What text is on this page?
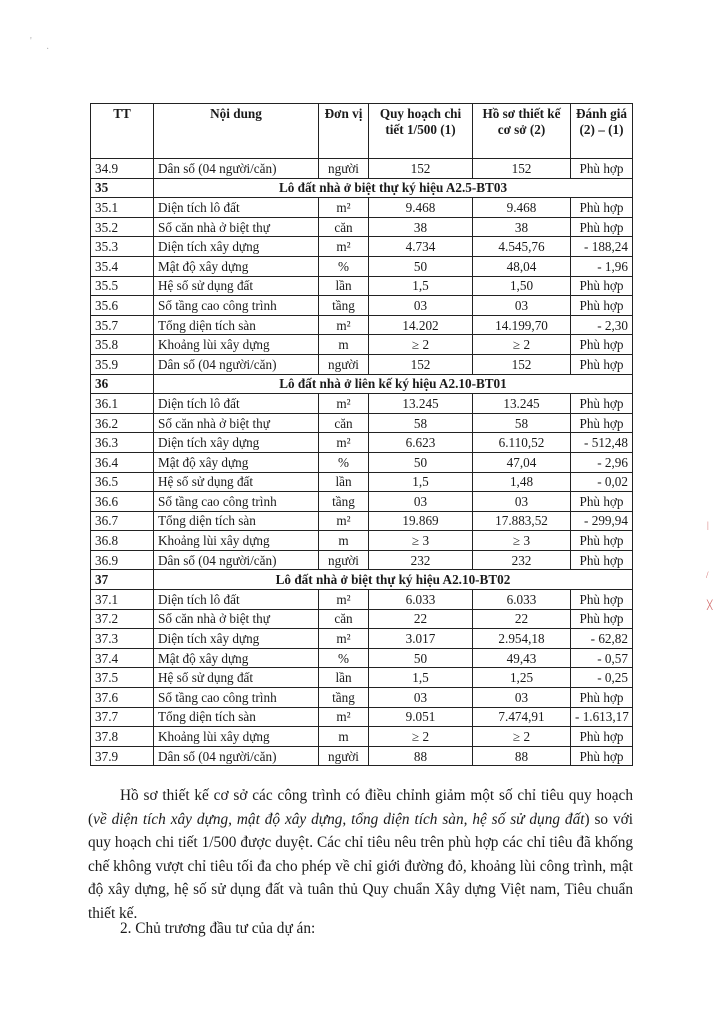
'
·
TT	Nội dung	Đơn vị	Quy hoạch chi tiết 1/500 (1)	Hồ sơ thiết kế cơ sở (2)	Đánh giá (2) – (1)
34.9	Dân số (04 người/căn)	người	152	152	Phù hợp
35	Lô đất nhà ở biệt thự ký hiệu A2.5-BT03				
35.1	Diện tích lô đất	m²	9.468	9.468	Phù hợp
35.2	Số căn nhà ở biệt thự	căn	38	38	Phù hợp
35.3	Diện tích xây dựng	m²	4.734	4.545,76	- 188,24
35.4	Mật độ xây dựng	%	50	48,04	- 1,96
35.5	Hệ số sử dụng đất	lần	1,5	1,50	Phù hợp
35.6	Số tầng cao công trình	tầng	03	03	Phù hợp
35.7	Tổng diện tích sàn	m²	14.202	14.199,70	- 2,30
35.8	Khoảng lùi xây dựng	m	≥ 2	≥ 2	Phù hợp
35.9	Dân số (04 người/căn)	người	152	152	Phù hợp
36	Lô đất nhà ở liên kế ký hiệu A2.10-BT01				
36.1	Diện tích lô đất	m²	13.245	13.245	Phù hợp
36.2	Số căn nhà ở biệt thự	căn	58	58	Phù hợp
36.3	Diện tích xây dựng	m²	6.623	6.110,52	- 512,48
36.4	Mật độ xây dựng	%	50	47,04	- 2,96
36.5	Hệ số sử dụng đất	lần	1,5	1,48	- 0,02
36.6	Số tầng cao công trình	tầng	03	03	Phù hợp
36.7	Tổng diện tích sàn	m²	19.869	17.883,52	- 299,94
36.8	Khoảng lùi xây dựng	m	≥ 3	≥ 3	Phù hợp
36.9	Dân số (04 người/căn)	người	232	232	Phù hợp
37	Lô đất nhà ở biệt thự ký hiệu A2.10-BT02				
37.1	Diện tích lô đất	m²	6.033	6.033	Phù hợp
37.2	Số căn nhà ở biệt thự	căn	22	22	Phù hợp
37.3	Diện tích xây dựng	m²	3.017	2.954,18	- 62,82
37.4	Mật độ xây dựng	%	50	49,43	- 0,57
37.5	Hệ số sử dụng đất	lần	1,5	1,25	- 0,25
37.6	Số tầng cao công trình	tầng	03	03	Phù hợp
37.7	Tổng diện tích sàn	m²	9.051	7.474,91	- 1.613,17
37.8	Khoảng lùi xây dựng	m	≥ 2	≥ 2	Phù hợp
37.9	Dân số (04 người/căn)	người	88	88	Phù hợp

Hồ sơ thiết kế cơ sở các công trình có điều chỉnh giảm một số chỉ tiêu quy hoạch (về diện tích xây dựng, mật độ xây dựng, tổng diện tích sàn, hệ số sử dụng đất) so với quy hoạch chi tiết 1/500 được duyệt. Các chỉ tiêu nêu trên phù hợp các chỉ tiêu đã khống chế không vượt chỉ tiêu tối đa cho phép về chỉ giới đường đỏ, khoảng lùi công trình, mật độ xây dựng, hệ số sử dụng đất và tuân thủ Quy chuẩn Xây dựng Việt nam, Tiêu chuẩn thiết kế.

2. Chủ trương đầu tư của dự án:

|
/
╳
